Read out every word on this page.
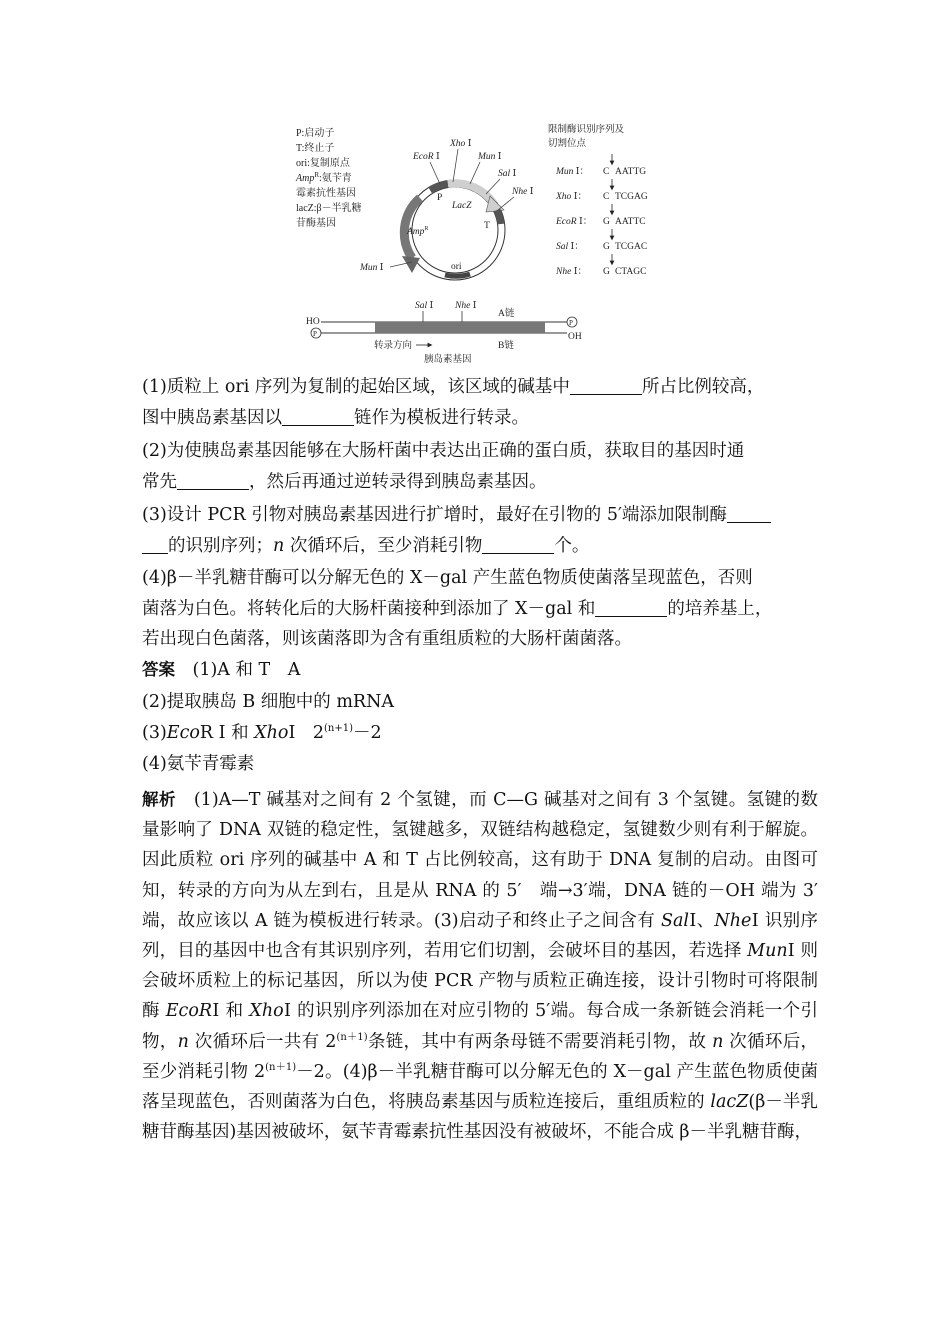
P:启动子
T:终止子
ori:复制原点
Amp$^R$:氨苄青
霉素抗性基因
lacZ:β－半乳糖
苷酶基因
Xho Ⅰ
Mun Ⅰ
EcoR Ⅰ
Sal Ⅰ
Nhe Ⅰ
P
LacZ
T
Amp$^R$
Mun Ⅰ	ori
限制酶识别序列及
切割位点
Mun Ⅰ： C AATTG
Xho Ⅰ： C TCGAG
EcoR Ⅰ： G AATTC
Sal Ⅰ： G TCGAC
Nhe Ⅰ： G CTAGC
Sal Ⅰ Nhe Ⅰ
A链
HO
P
P
OH
转录方向	B链
胰岛素基因

(1)质粒上 ori 序列为复制的起始区域，该区域的碱基中	所占比例较高，
图中胰岛素基因以	链作为模板进行转录。

(2)为使胰岛素基因能够在大肠杆菌中表达出正确的蛋白质，获取目的基因时通
常先	，然后再通过逆转录得到胰岛素基因。

(3)设计 PCR 引物对胰岛素基因进行扩增时，最好在引物的 5′端添加限制酶
的识别序列；n 次循环后，至少消耗引物	个。

(4)β－半乳糖苷酶可以分解无色的 X－gal 产生蓝色物质使菌落呈现蓝色，否则
菌落为白色。将转化后的大肠杆菌接种到添加了 X－gal 和	的培养基上，
若出现白色菌落，则该菌落即为含有重组质粒的大肠杆菌菌落。

答案　 (1)A 和 T　A

(2)提取胰岛 B 细胞中的 mRNA

(3)EcoR Ⅰ 和 XhoⅠ　$2^{(n+1)}-2$

(4)氨苄青霉素

解析　 (1)A—T 碱基对之间有 2 个氢键，而 C—G 碱基对之间有 3 个氢键。氢键的数量影响了 DNA 双链的稳定性，氢键越多，双链结构越稳定，氢键数少则有利于解旋。因此质粒 ori 序列的碱基中 A 和 T 占比例较高，这有助于 DNA 复制的启动。由图可知，转录的方向为从左到右，且是从 RNA 的 5′　端→3′端，DNA 链的－OH 端为 3′端，故应该以 A 链为模板进行转录。(3)启动子和终止子之间含有 SalⅠ、NheⅠ 识别序列，目的基因中也含有其识别序列，若用它们切割，会破坏目的基因，若选择 MunⅠ 则会破坏质粒上的标记基因，所以为使 PCR 产物与质粒正确连接，设计引物时可将限制酶 EcoRⅠ 和 XhoⅠ 的识别序列添加在对应引物的 5′端。每合成一条新链会消耗一个引物，n 次循环后一共有 $2^{(n+1)}$条链，其中有两条母链不需要消耗引物，故 n 次循环后，至少消耗引物 $2^{(n+1)}-2$。(4)β－半乳糖苷酶可以分解无色的 X－gal 产生蓝色物质使菌落呈现蓝色，否则菌落为白色，将胰岛素基因与质粒连接后，重组质粒的 lacZ(β－半乳糖苷酶基因)基因被破坏，氨苄青霉素抗性基因没有被破坏，不能合成 β－半乳糖苷酶，
